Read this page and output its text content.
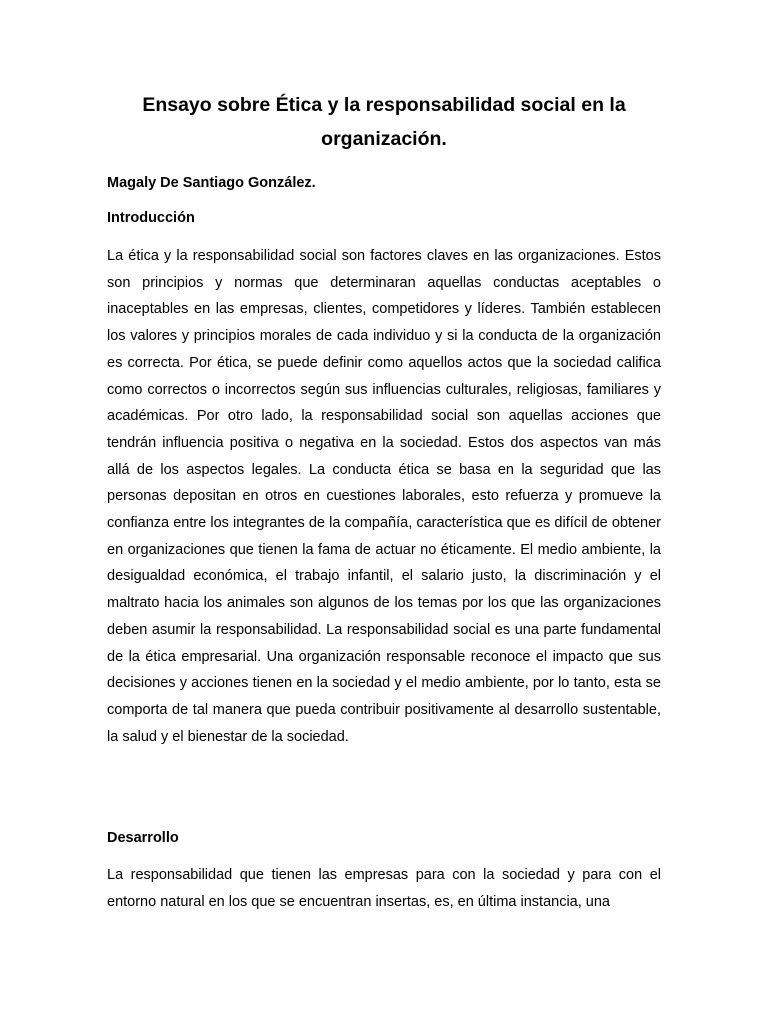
Ensayo sobre Ética y la responsabilidad social en la organización.

Magaly De Santiago González.

Introducción

La ética y la responsabilidad social son factores claves en las organizaciones. Estos son principios y normas que determinaran aquellas conductas aceptables o inaceptables en las empresas, clientes, competidores y líderes. También establecen los valores y principios morales de cada individuo y si la conducta de la organización es correcta. Por ética, se puede definir como aquellos actos que la sociedad califica como correctos o incorrectos según sus influencias culturales, religiosas, familiares y académicas. Por otro lado, la responsabilidad social son aquellas acciones que tendrán influencia positiva o negativa en la sociedad. Estos dos aspectos van más allá de los aspectos legales. La conducta ética se basa en la seguridad que las personas depositan en otros en cuestiones laborales, esto refuerza y promueve la confianza entre los integrantes de la compañía, característica que es difícil de obtener en organizaciones que tienen la fama de actuar no éticamente. El medio ambiente, la desigualdad económica, el trabajo infantil, el salario justo, la discriminación y el maltrato hacia los animales son algunos de los temas por los que las organizaciones deben asumir la responsabilidad. La responsabilidad social es una parte fundamental de la ética empresarial. Una organización responsable reconoce el impacto que sus decisiones y acciones tienen en la sociedad y el medio ambiente, por lo tanto, esta se comporta de tal manera que pueda contribuir positivamente al desarrollo sustentable, la salud y el bienestar de la sociedad.

Desarrollo

La responsabilidad que tienen las empresas para con la sociedad y para con el entorno natural en los que se encuentran insertas, es, en última instancia, una
